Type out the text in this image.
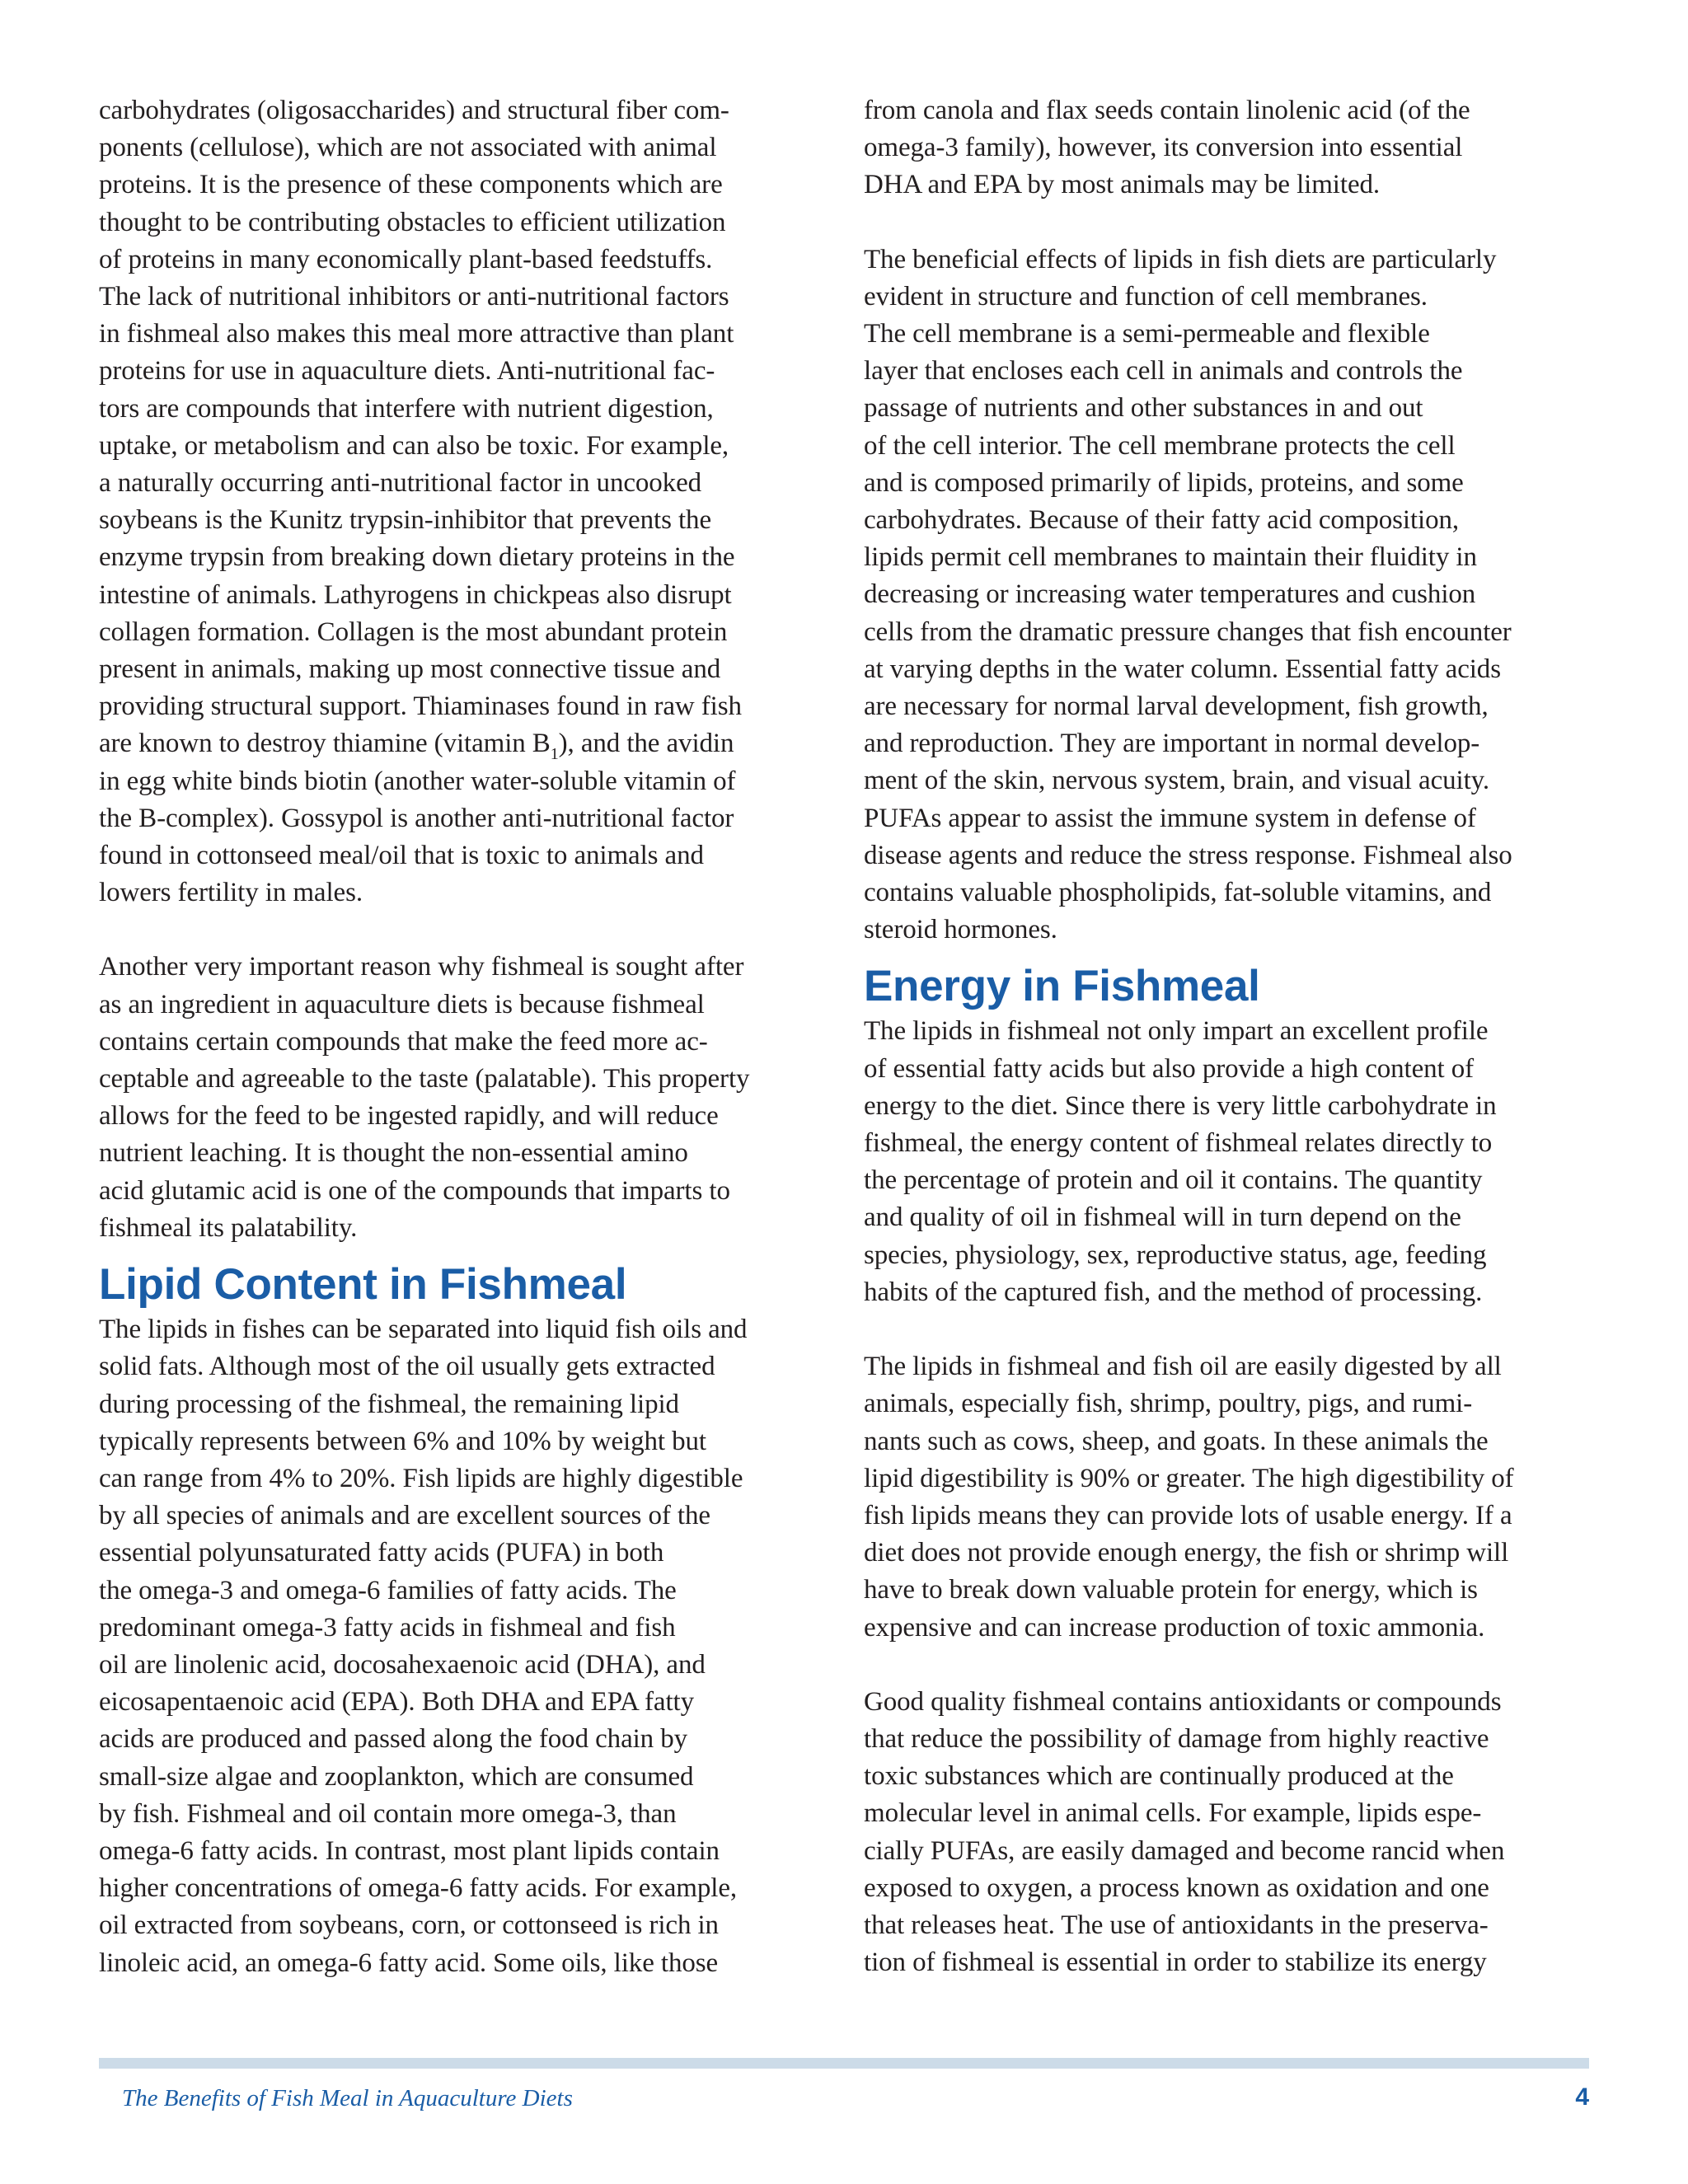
carbohydrates (oligosaccharides) and structural fiber com-
ponents (cellulose), which are not associated with animal
proteins. It is the presence of these components which are
thought to be contributing obstacles to efficient utilization
of proteins in many economically plant-based feedstuffs.
The lack of nutritional inhibitors or anti-nutritional factors
in fishmeal also makes this meal more attractive than plant
proteins for use in aquaculture diets. Anti-nutritional fac-
tors are compounds that interfere with nutrient digestion,
uptake, or metabolism and can also be toxic. For example,
a naturally occurring anti-nutritional factor in uncooked
soybeans is the Kunitz trypsin-inhibitor that prevents the
enzyme trypsin from breaking down dietary proteins in the
intestine of animals. Lathyrogens in chickpeas also disrupt
collagen formation. Collagen is the most abundant protein
present in animals, making up most connective tissue and
providing structural support. Thiaminases found in raw fish
are known to destroy thiamine (vitamin $B_1$), and the avidin
in egg white binds biotin (another water-soluble vitamin of
the B-complex). Gossypol is another anti-nutritional factor
found in cottonseed meal/oil that is toxic to animals and
lowers fertility in males.

Another very important reason why fishmeal is sought after
as an ingredient in aquaculture diets is because fishmeal
contains certain compounds that make the feed more ac-
ceptable and agreeable to the taste (palatable). This property
allows for the feed to be ingested rapidly, and will reduce
nutrient leaching. It is thought the non-essential amino
acid glutamic acid is one of the compounds that imparts to
fishmeal its palatability.

Lipid Content in Fishmeal

The lipids in fishes can be separated into liquid fish oils and
solid fats. Although most of the oil usually gets extracted
during processing of the fishmeal, the remaining lipid
typically represents between 6% and 10% by weight but
can range from 4% to 20%. Fish lipids are highly digestible
by all species of animals and are excellent sources of the
essential polyunsaturated fatty acids (PUFA) in both
the omega-3 and omega-6 families of fatty acids. The
predominant omega-3 fatty acids in fishmeal and fish
oil are linolenic acid, docosahexaenoic acid (DHA), and
eicosapentaenoic acid (EPA). Both DHA and EPA fatty
acids are produced and passed along the food chain by
small-size algae and zooplankton, which are consumed
by fish. Fishmeal and oil contain more omega-3, than
omega-6 fatty acids. In contrast, most plant lipids contain
higher concentrations of omega-6 fatty acids. For example,
oil extracted from soybeans, corn, or cottonseed is rich in
linoleic acid, an omega-6 fatty acid. Some oils, like those

from canola and flax seeds contain linolenic acid (of the
omega-3 family), however, its conversion into essential
DHA and EPA by most animals may be limited.

The beneficial effects of lipids in fish diets are particularly
evident in structure and function of cell membranes.
The cell membrane is a semi-permeable and flexible
layer that encloses each cell in animals and controls the
passage of nutrients and other substances in and out
of the cell interior. The cell membrane protects the cell
and is composed primarily of lipids, proteins, and some
carbohydrates. Because of their fatty acid composition,
lipids permit cell membranes to maintain their fluidity in
decreasing or increasing water temperatures and cushion
cells from the dramatic pressure changes that fish encounter
at varying depths in the water column. Essential fatty acids
are necessary for normal larval development, fish growth,
and reproduction. They are important in normal develop-
ment of the skin, nervous system, brain, and visual acuity.
PUFAs appear to assist the immune system in defense of
disease agents and reduce the stress response. Fishmeal also
contains valuable phospholipids, fat-soluble vitamins, and
steroid hormones.

Energy in Fishmeal

The lipids in fishmeal not only impart an excellent profile
of essential fatty acids but also provide a high content of
energy to the diet. Since there is very little carbohydrate in
fishmeal, the energy content of fishmeal relates directly to
the percentage of protein and oil it contains. The quantity
and quality of oil in fishmeal will in turn depend on the
species, physiology, sex, reproductive status, age, feeding
habits of the captured fish, and the method of processing.

The lipids in fishmeal and fish oil are easily digested by all
animals, especially fish, shrimp, poultry, pigs, and rumi-
nants such as cows, sheep, and goats. In these animals the
lipid digestibility is 90% or greater. The high digestibility of
fish lipids means they can provide lots of usable energy. If a
diet does not provide enough energy, the fish or shrimp will
have to break down valuable protein for energy, which is
expensive and can increase production of toxic ammonia.

Good quality fishmeal contains antioxidants or compounds
that reduce the possibility of damage from highly reactive
toxic substances which are continually produced at the
molecular level in animal cells. For example, lipids espe-
cially PUFAs, are easily damaged and become rancid when
exposed to oxygen, a process known as oxidation and one
that releases heat. The use of antioxidants in the preserva-
tion of fishmeal is essential in order to stabilize its energy

The Benefits of Fish Meal in Aquaculture Diets	4
